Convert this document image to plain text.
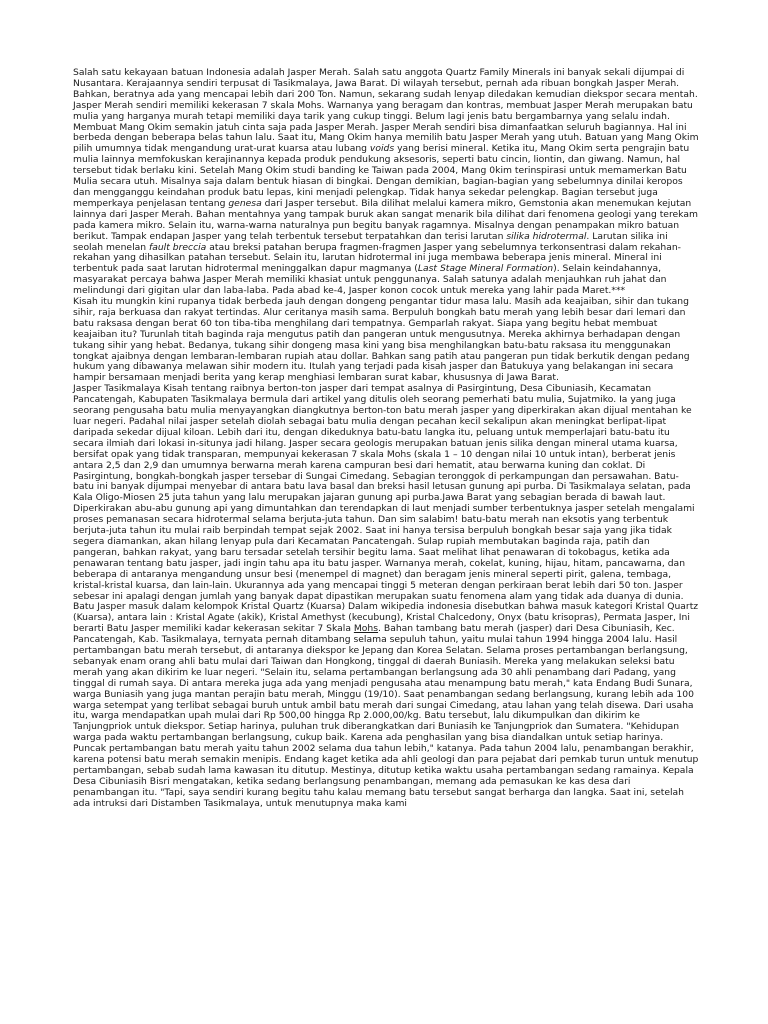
Salah satu kekayaan batuan Indonesia adalah Jasper Merah. Salah satu anggota Quartz Family Minerals ini banyak sekali dijumpai di Nusantara. Kerajaannya sendiri terpusat di Tasikmalaya, Jawa Barat. Di wilayah tersebut, pernah ada ribuan bongkah Jasper Merah. Bahkan, beratnya ada yang mencapai lebih dari 200 Ton. Namun, sekarang sudah lenyap diledakan kemudian diekspor secara mentah. Jasper Merah sendiri memiliki kekerasan 7 skala Mohs. Warnanya yang beragam dan kontras, membuat Jasper Merah merupakan batu mulia yang harganya murah tetapi memiliki daya tarik yang cukup tinggi. Belum lagi jenis batu bergambarnya yang selalu indah. Membuat Mang Okim semakin jatuh cinta saja pada Jasper Merah. Jasper Merah sendiri bisa dimanfaatkan seluruh bagiannya. Hal ini berbeda dengan beberapa belas tahun lalu. Saat itu, Mang Okim hanya memilih batu Jasper Merah yang utuh. Batuan yang Mang Okim pilih umumnya tidak mengandung urat-urat kuarsa atau lubang voids yang berisi mineral. Ketika itu, Mang Okim serta pengrajin batu mulia lainnya memfokuskan kerajinannya kepada produk pendukung aksesoris, seperti batu cincin, liontin, dan giwang. Namun, hal tersebut tidak berlaku kini. Setelah Mang Okim studi banding ke Taiwan pada 2004, Mang 0kim terinspirasi untuk memamerkan Batu Mulia secara utuh. Misalnya saja dalam bentuk hiasan di bingkai. Dengan demikian, bagian-bagian yang sebelumnya dinilai keropos dan mengganggu keindahan produk batu lepas, kini menjadi pelengkap. Tidak hanya sekedar pelengkap. Bagian tersebut juga memperkaya penjelasan tentang genesa dari Jasper tersebut. Bila dilihat melalui kamera mikro, Gemstonia akan menemukan kejutan lainnya dari Jasper Merah. Bahan mentahnya yang tampak buruk akan sangat menarik bila dilihat dari fenomena geologi yang terekam pada kamera mikro. Selain itu, warna-warna naturalnya pun begitu banyak ragamnya. Misalnya dengan penampakan mikro batuan berikut. Tampak endapan Jasper yang telah terbentuk tersebut terpatahkan dan terisi larutan silika hidrotermal. Larutan silika ini seolah menelan fault breccia atau breksi patahan berupa fragmen-fragmen Jasper yang sebelumnya terkonsentrasi dalam rekahan-rekahan yang dihasilkan patahan tersebut. Selain itu, larutan hidrotermal ini juga membawa beberapa jenis mineral. Mineral ini terbentuk pada saat larutan hidrotermal meninggalkan dapur magmanya (Last Stage Mineral Formation). Selain keindahannya, masyarakat percaya bahwa Jasper Merah memiliki khasiat untuk penggunanya. Salah satunya adalah menjauhkan ruh jahat dan melindungi dari gigitan ular dan laba-laba. Pada abad ke-4, Jasper konon cocok untuk mereka yang lahir pada Maret.***

Kisah itu mungkin kini rupanya tidak berbeda jauh dengan dongeng pengantar tidur masa lalu. Masih ada keajaiban, sihir dan tukang sihir, raja berkuasa dan rakyat tertindas. Alur ceritanya masih sama. Berpuluh bongkah batu merah yang lebih besar dari lemari dan batu raksasa dengan berat 60 ton tiba-tiba menghilang dari tempatnya. Gemparlah rakyat. Siapa yang begitu hebat membuat keajaiban itu? Turunlah titah baginda raja mengutus patih dan pangeran untuk mengusutnya. Mereka akhirnya berhadapan dengan tukang sihir yang hebat. Bedanya, tukang sihir dongeng masa kini yang bisa menghilangkan batu-batu raksasa itu menggunakan tongkat ajaibnya dengan lembaran-lembaran rupiah atau dollar. Bahkan sang patih atau pangeran pun tidak berkutik dengan pedang hukum yang dibawanya melawan sihir modern itu. Itulah yang terjadi pada kisah jasper dan Batukuya yang belakangan ini secara hampir bersamaan menjadi berita yang kerap menghiasi lembaran surat kabar, khususnya di Jawa Barat.

Jasper Tasikmalaya Kisah tentang raibnya berton-ton jasper dari tempat asalnya di Pasirgintung, Desa Cibuniasih, Kecamatan Pancatengah, Kabupaten Tasikmalaya bermula dari artikel yang ditulis oleh seorang pemerhati batu mulia, Sujatmiko. Ia yang juga seorang pengusaha batu mulia menyayangkan diangkutnya berton-ton batu merah jasper yang diperkirakan akan dijual mentahan ke luar negeri. Padahal nilai jasper setelah diolah sebagai batu mulia dengan pecahan kecil sekalipun akan meningkat berlipat-lipat daripada sekedar dijual kiloan. Lebih dari itu, dengan dikeduknya batu-batu langka itu, peluang untuk memperlajari batu-batu itu secara ilmiah dari lokasi in-situnya jadi hilang. Jasper secara geologis merupakan batuan jenis silika dengan mineral utama kuarsa, bersifat opak yang tidak transparan, mempunyai kekerasan 7 skala Mohs (skala 1 – 10 dengan nilai 10 untuk intan), berberat jenis antara 2,5 dan 2,9 dan umumnya berwarna merah karena campuran besi dari hematit, atau berwarna kuning dan coklat. Di Pasirgintung, bongkah-bongkah jasper tersebar di Sungai Cimedang. Sebagian teronggok di perkampungan dan persawahan. Batu-batu ini banyak dijumpai menyebar di antara batu lava basal dan breksi hasil letusan gunung api purba. Di Tasikmalaya selatan, pada Kala Oligo-Miosen 25 juta tahun yang lalu merupakan jajaran gunung api purba.Jawa Barat yang sebagian berada di bawah laut. Diperkirakan abu-abu gunung api yang dimuntahkan dan terendapkan di laut menjadi sumber terbentuknya jasper setelah mengalami proses pemanasan secara hidrotermal selama berjuta-juta tahun. Dan sim salabim! batu-batu merah nan eksotis yang terbentuk berjuta-juta tahun itu mulai raib berpindah tempat sejak 2002. Saat ini hanya tersisa berpuluh bongkah besar saja yang jika tidak segera diamankan, akan hilang lenyap pula dari Kecamatan Pancatengah. Sulap rupiah membutakan baginda raja, patih dan pangeran, bahkan rakyat, yang baru tersadar setelah tersihir begitu lama. Saat melihat lihat penawaran di tokobagus, ketika ada penawaran tentang batu jasper, jadi ingin tahu apa itu batu jasper. Warnanya merah, cokelat, kuning, hijau, hitam, pancawarna, dan beberapa di antaranya mengandung unsur besi (menempel di magnet) dan beragam jenis mineral seperti pirit, galena, tembaga, kristal-kristal kuarsa, dan lain-lain. Ukurannya ada yang mencapai tinggi 5 meteran dengan perkiraan berat lebih dari 50 ton. Jasper sebesar ini apalagi dengan jumlah yang banyak dapat dipastikan merupakan suatu fenomena alam yang tidak ada duanya di dunia.

Batu Jasper masuk dalam kelompok Kristal Quartz (Kuarsa) Dalam wikipedia indonesia disebutkan bahwa masuk kategori Kristal Quartz (Kuarsa), antara lain : Kristal Agate (akik), Kristal Amethyst (kecubung), Kristal Chalcedony, Onyx (batu krisopras), Permata Jasper, Ini berarti Batu Jasper memiliki kadar kekerasan sekitar 7 Skala Mohs. Bahan tambang batu merah (jasper) dari Desa Cibuniasih, Kec. Pancatengah, Kab. Tasikmalaya, ternyata pernah ditambang selama sepuluh tahun, yaitu mulai tahun 1994 hingga 2004 lalu. Hasil pertambangan batu merah tersebut, di antaranya diekspor ke Jepang dan Korea Selatan. Selama proses pertambangan berlangsung, sebanyak enam orang ahli batu mulai dari Taiwan dan Hongkong, tinggal di daerah Buniasih. Mereka yang melakukan seleksi batu merah yang akan dikirim ke luar negeri. "Selain itu, selama pertambangan berlangsung ada 30 ahli penambang dari Padang, yang tinggal di rumah saya. Di antara mereka juga ada yang menjadi pengusaha atau menampung batu merah," kata Endang Budi Sunara, warga Buniasih yang juga mantan perajin batu merah, Minggu (19/10). Saat penambangan sedang berlangsung, kurang lebih ada 100 warga setempat yang terlibat sebagai buruh untuk ambil batu merah dari sungai Cimedang, atau lahan yang telah disewa. Dari usaha itu, warga mendapatkan upah mulai dari Rp 500,00 hingga Rp 2.000,00/kg. Batu tersebut, lalu dikumpulkan dan dikirim ke Tanjungpriok untuk diekspor. Setiap harinya, puluhan truk diberangkatkan dari Buniasih ke Tanjungpriok dan Sumatera. "Kehidupan warga pada waktu pertambangan berlangsung, cukup baik. Karena ada penghasilan yang bisa diandalkan untuk setiap harinya. Puncak pertambangan batu merah yaitu tahun 2002 selama dua tahun lebih," katanya. Pada tahun 2004 lalu, penambangan berakhir, karena potensi batu merah semakin menipis. Endang kaget ketika ada ahli geologi dan para pejabat dari pemkab turun untuk menutup pertambangan, sebab sudah lama kawasan itu ditutup. Mestinya, ditutup ketika waktu usaha pertambangan sedang ramainya. Kepala Desa Cibuniasih Bisri mengatakan, ketika sedang berlangsung penambangan, memang ada pemasukan ke kas desa dari penambangan itu. "Tapi, saya sendiri kurang begitu tahu kalau memang batu tersebut sangat berharga dan langka. Saat ini, setelah ada intruksi dari Distamben Tasikmalaya, untuk menutupnya maka kami
